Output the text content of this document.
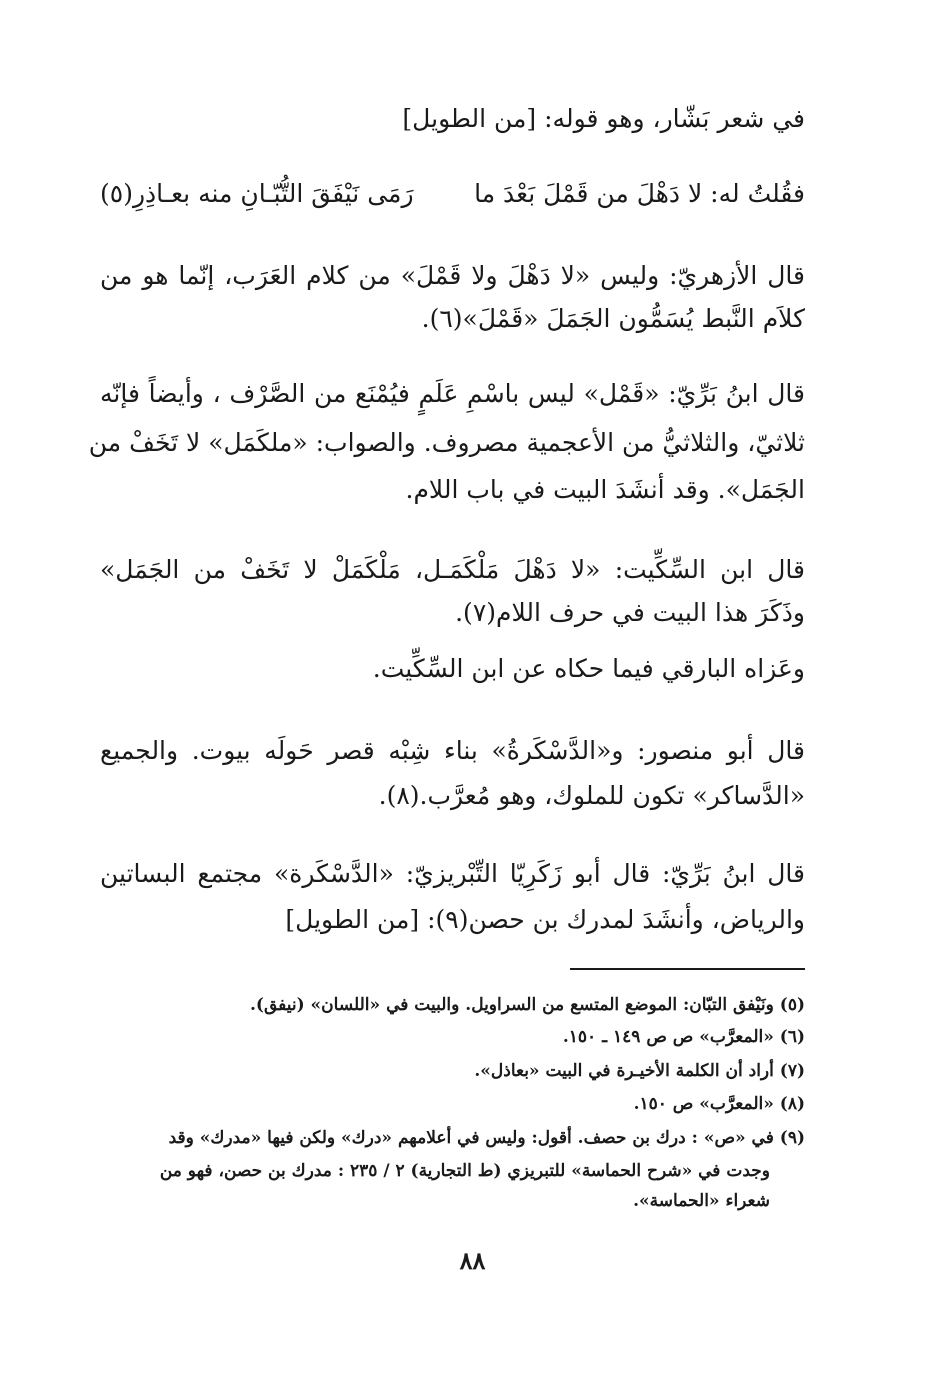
في شعر بَشّار، وهو قوله: [من الطويل]
فقُلتُ له: لا دَهْلَ من قَمْلَ بَعْدَ ما
رَمَى نَيْفَقَ التُّبّـانِ منه بعـاذِرِ(٥)
قال الأزهريّ: وليس «لا دَهْلَ ولا قَمْلَ» من كلام العَرَب، إنّما هو من
كلاَم النَّبط يُسَمُّون الجَمَلَ «قَمْلَ»(٦).
قال ابنُ بَرِّيّ: «قَمْل» ليس باسْمِ عَلَمٍ فيُمْنَع من الصَّرْف ، وأيضاً فإنّه
ثلاثيّ، والثلاثيُّ من الأعجمية مصروف. والصواب: «ملكَمَل» لا تَخَفْ من
الجَمَل». وقد أنشَدَ البيت في باب اللام.
قال ابن السِّكِّيت: «لا دَهْلَ مَلْكَمَـل، مَلْكَمَلْ لا تَخَفْ من الجَمَل»
وذَكَرَ هذا البيت في حرف اللام(٧).
وعَزاه البارقي فيما حكاه عن ابن السِّكِّيت.
قال أبو منصور: و«الدَّسْكَرةُ» بناء شِبْه قصر حَولَه بيوت. والجميع
«الدَّساكر» تكون للملوك، وهو مُعرَّب.(٨).
قال ابنُ بَرِّيّ: قال أبو زَكَرِيّا التِّبْريزيّ: «الدَّسْكَرة» مجتمع البساتين
والرياض، وأنشَدَ لمدرك بن حصن(٩): [من الطويل]
(٥) ونَيْفق التبّان: الموضع المتسع من السراويل. والبيت في «اللسان» (نيفق).
(٦) «المعرَّب» ص ص ١٤٩ ـ ١٥٠.
(٧) أراد أن الكلمة الأخيـرة في البيت «بعاذل».
(٨) «المعرَّب» ص ١٥٠.
(٩) في «ص» : درك بن حصف. أقول: وليس في أعلامهم «درك» ولكن فيها «مدرك» وقد
وجدت في «شرح الحماسة» للتبريزي (ط التجارية) ٢ / ٢٣٥ : مدرك بن حصن، فهو من
شعراء «الحماسة».
٨٨
